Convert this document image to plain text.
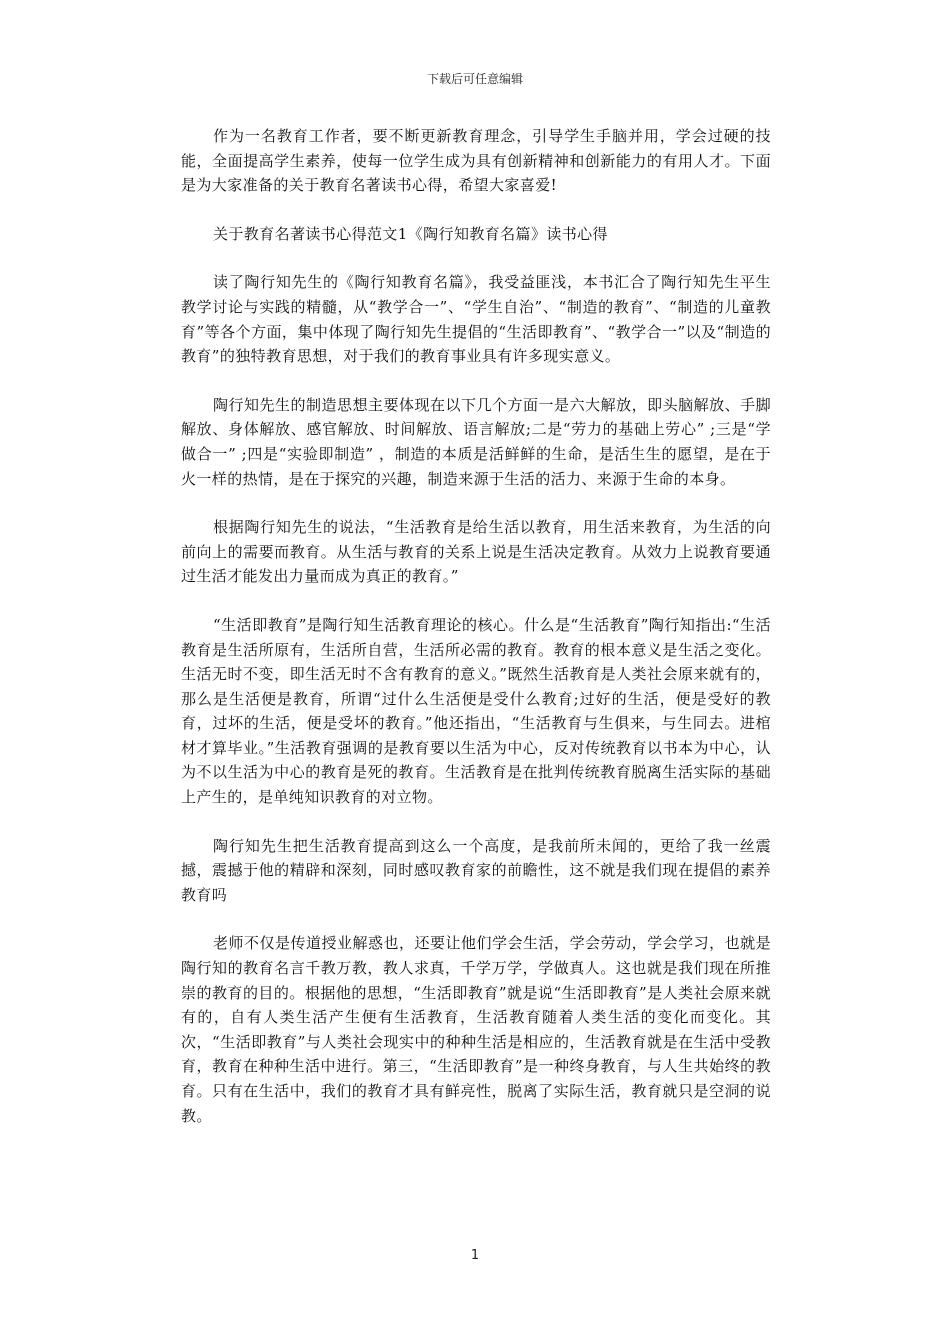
下载后可任意编辑

作为一名教育工作者，要不断更新教育理念，引导学生手脑并用，学会过硬的技能，全面提高学生素养，使每一位学生成为具有创新精神和创新能力的有用人才。下面是为大家准备的关于教育名著读书心得，希望大家喜爱!

关于教育名著读书心得范文1《陶行知教育名篇》读书心得

读了陶行知先生的《陶行知教育名篇》，我受益匪浅，本书汇合了陶行知先生平生教学讨论与实践的精髓，从“教学合一”、“学生自治”、“制造的教育”、“制造的儿童教育”等各个方面，集中体现了陶行知先生提倡的“生活即教育”、“教学合一”以及“制造的教育”的独特教育思想，对于我们的教育事业具有许多现实意义。

陶行知先生的制造思想主要体现在以下几个方面一是六大解放，即头脑解放、手脚解放、身体解放、感官解放、时间解放、语言解放;二是“劳力的基础上劳心” ;三是“学做合一” ;四是“实验即制造” ，制造的本质是活鲜鲜的生命，是活生生的愿望，是在于火一样的热情，是在于探究的兴趣，制造来源于生活的活力、来源于生命的本身。

根据陶行知先生的说法，“生活教育是给生活以教育，用生活来教育，为生活的向前向上的需要而教育。从生活与教育的关系上说是生活决定教育。从效力上说教育要通过生活才能发出力量而成为真正的教育。”

“生活即教育”是陶行知生活教育理论的核心。什么是“生活教育”陶行知指出:“生活教育是生活所原有，生活所自营，生活所必需的教育。教育的根本意义是生活之变化。生活无时不变，即生活无时不含有教育的意义。”既然生活教育是人类社会原来就有的，那么是生活便是教育，所谓“过什么生活便是受什么教育;过好的生活，便是受好的教育，过坏的生活，便是受坏的教育。”他还指出，“生活教育与生俱来，与生同去。进棺材才算毕业。”生活教育强调的是教育要以生活为中心，反对传统教育以书本为中心，认为不以生活为中心的教育是死的教育。生活教育是在批判传统教育脱离生活实际的基础上产生的，是单纯知识教育的对立物。

陶行知先生把生活教育提高到这么一个高度，是我前所未闻的，更给了我一丝震撼，震撼于他的精辟和深刻，同时感叹教育家的前瞻性，这不就是我们现在提倡的素养教育吗

老师不仅是传道授业解惑也，还要让他们学会生活，学会劳动，学会学习，也就是陶行知的教育名言千教万教，教人求真，千学万学，学做真人。这也就是我们现在所推崇的教育的目的。根据他的思想，“生活即教育”就是说“生活即教育”是人类社会原来就有的，自有人类生活产生便有生活教育，生活教育随着人类生活的变化而变化。其次，“生活即教育”与人类社会现实中的种种生活是相应的，生活教育就是在生活中受教育，教育在种种生活中进行。第三，“生活即教育”是一种终身教育，与人生共始终的教育。只有在生活中，我们的教育才具有鲜亮性，脱离了实际生活，教育就只是空洞的说教。

1
